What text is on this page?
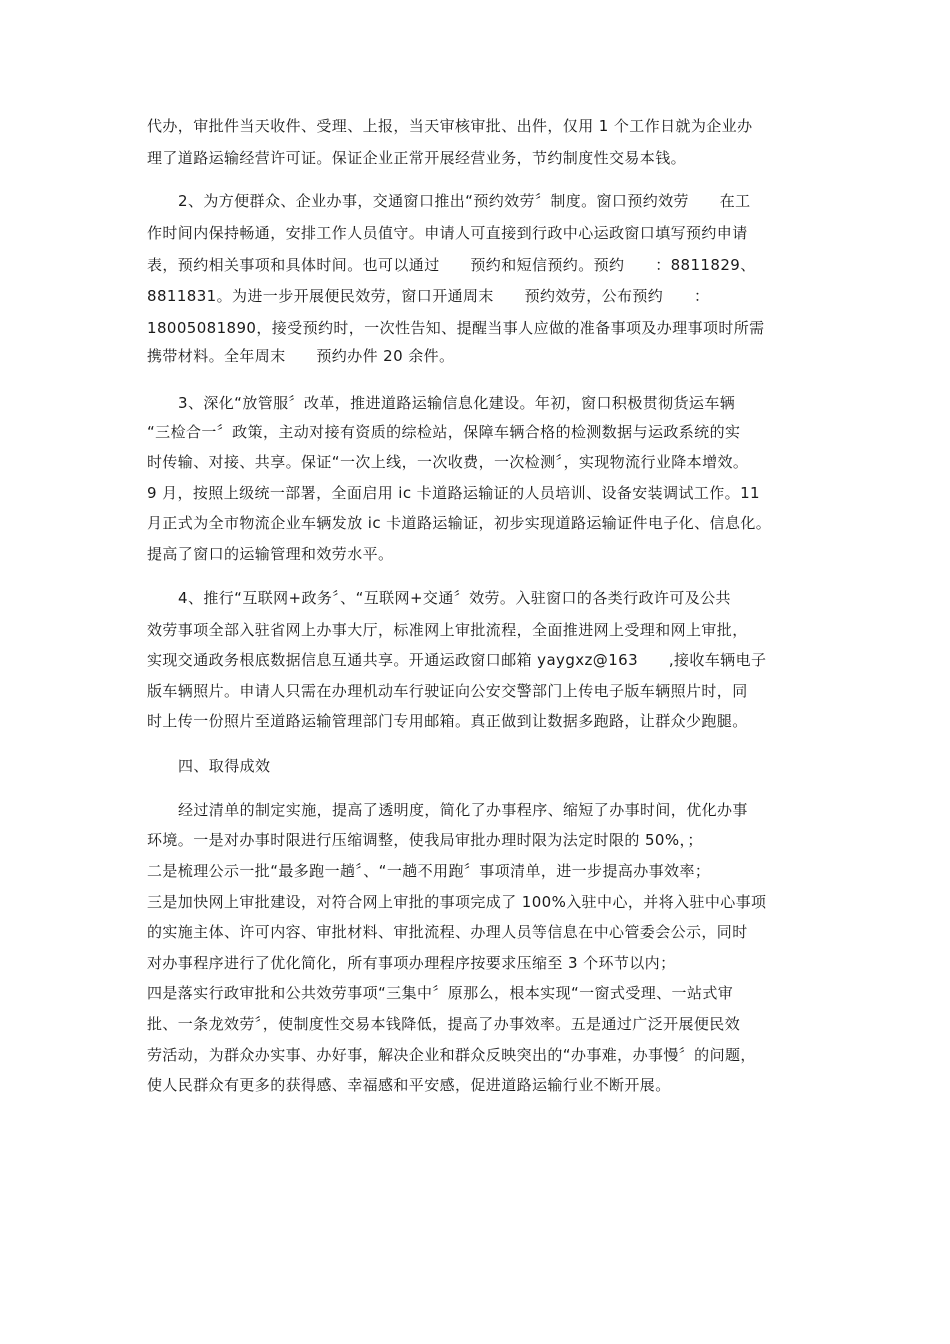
代办，审批件当天收件、受理、上报，当天审核审批、出件，仅用 1 个工作日就为企业办
理了道路运输经营许可证。保证企业正常开展经营业务，节约制度性交易本钱。
2、为方便群众、企业办事，交通窗口推出“预约效劳〞制度。窗口预约效劳　　在工
作时间内保持畅通，安排工作人员值守。申请人可直接到行政中心运政窗口填写预约申请
表，预约相关事项和具体时间。也可以通过　　预约和短信预约。预约　　：8811829、
8811831。为进一步开展便民效劳，窗口开通周末　　预约效劳，公布预约　　：
18005081890，接受预约时，一次性告知、提醒当事人应做的准备事项及办理事项时所需
携带材料。全年周末　　预约办件 20 余件。
3、深化“放管服〞改革，推进道路运输信息化建设。年初，窗口积极贯彻货运车辆
“三检合一〞政策，主动对接有资质的综检站，保障车辆合格的检测数据与运政系统的实
时传输、对接、共享。保证“一次上线，一次收费，一次检测〞，实现物流行业降本增效。
9 月，按照上级统一部署，全面启用 ic 卡道路运输证的人员培训、设备安装调试工作。11
月正式为全市物流企业车辆发放 ic 卡道路运输证，初步实现道路运输证件电子化、信息化。
提高了窗口的运输管理和效劳水平。
4、推行“互联网+政务〞、“互联网+交通〞效劳。入驻窗口的各类行政许可及公共
效劳事项全部入驻省网上办事大厅，标准网上审批流程，全面推进网上受理和网上审批，
实现交通政务根底数据信息互通共享。开通运政窗口邮箱 yaygxz@163　　,接收车辆电子
版车辆照片。申请人只需在办理机动车行驶证向公安交警部门上传电子版车辆照片时，同
时上传一份照片至道路运输管理部门专用邮箱。真正做到让数据多跑路，让群众少跑腿。
四、取得成效
经过清单的制定实施，提高了透明度，简化了办事程序、缩短了办事时间，优化办事
环境。一是对办事时限进行压缩调整，使我局审批办理时限为法定时限的 50%，；
二是梳理公示一批“最多跑一趟〞、“一趟不用跑〞事项清单，进一步提高办事效率；
三是加快网上审批建设，对符合网上审批的事项完成了 100%入驻中心，并将入驻中心事项
的实施主体、许可内容、审批材料、审批流程、办理人员等信息在中心管委会公示，同时
对办事程序进行了优化简化，所有事项办理程序按要求压缩至 3 个环节以内；
四是落实行政审批和公共效劳事项“三集中〞原那么，根本实现“一窗式受理、一站式审
批、一条龙效劳〞，使制度性交易本钱降低，提高了办事效率。五是通过广泛开展便民效
劳活动，为群众办实事、办好事，解决企业和群众反映突出的“办事难，办事慢〞的问题，
使人民群众有更多的获得感、幸福感和平安感，促进道路运输行业不断开展。
